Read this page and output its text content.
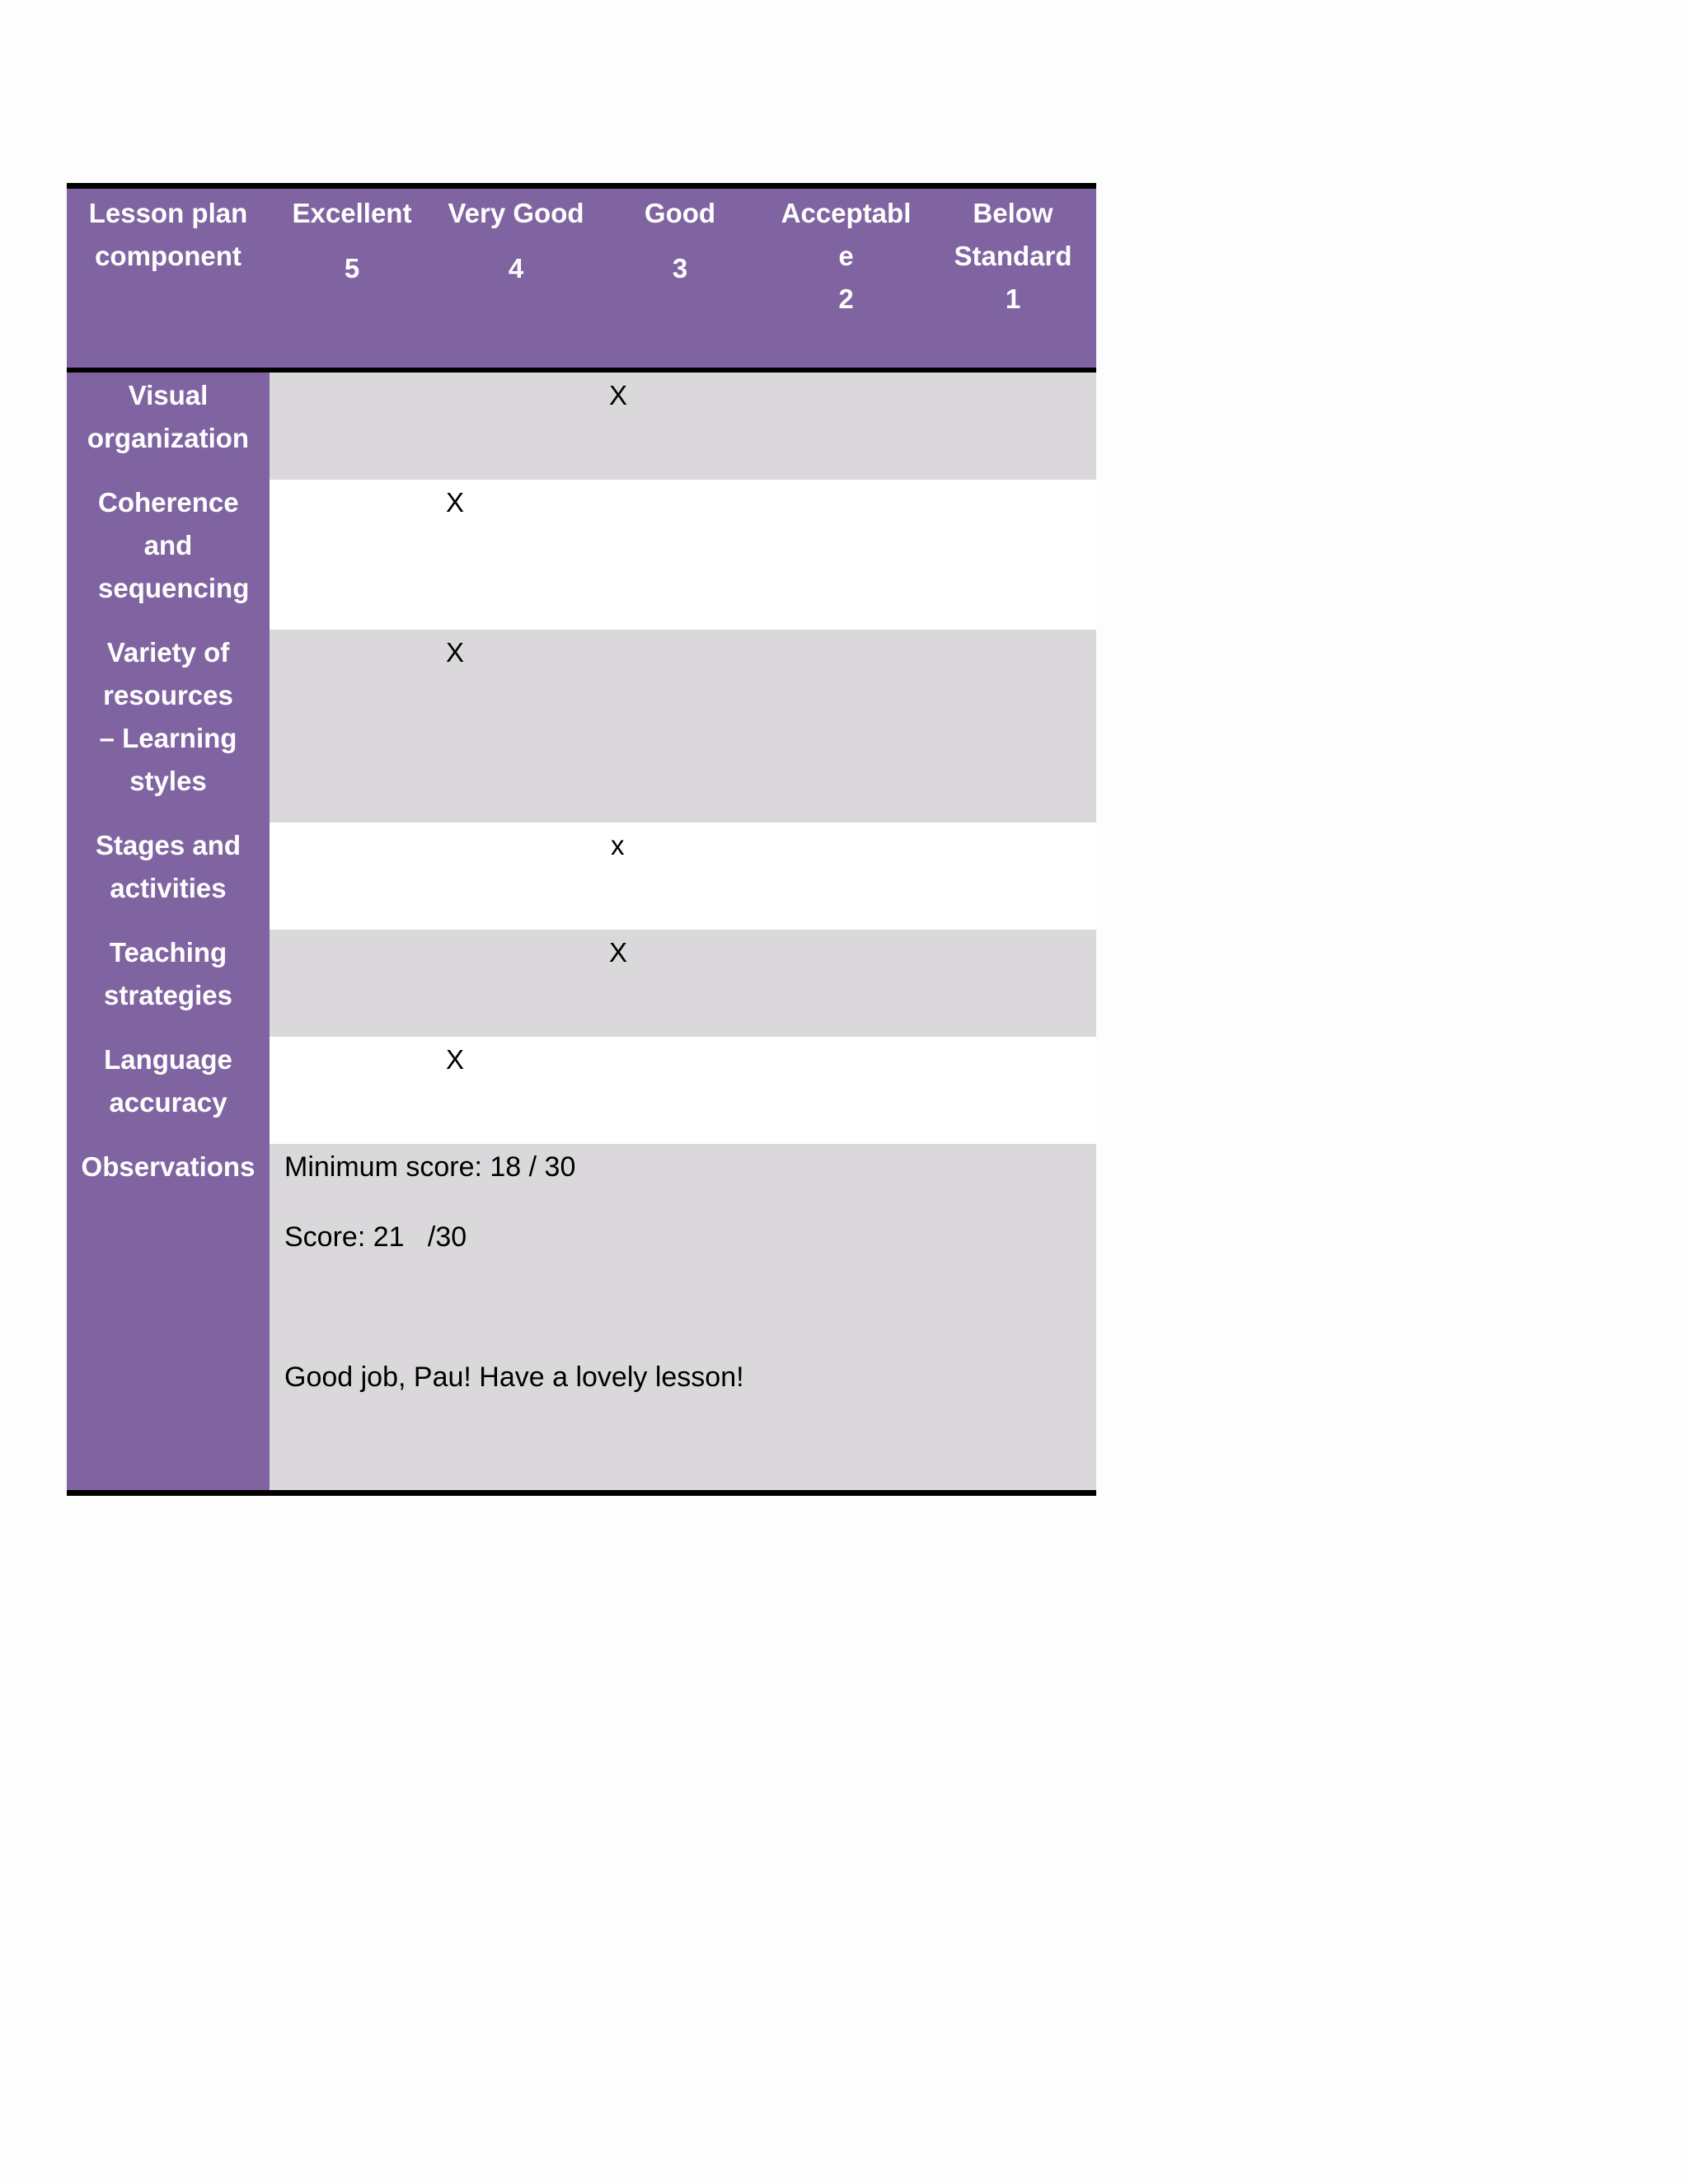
Lesson plan component
Excellent
5
Very Good
4
Good
3
Acceptabl e
2
Below Standard
1
Visual organization
X
Coherence and sequencing
X
Variety of resources – Learning styles
X
Stages and activities
x
Teaching strategies
X
Language accuracy
X
Observations Minimum score: 18 / 30
Score: 21   /30
Good job, Pau! Have a lovely lesson!
